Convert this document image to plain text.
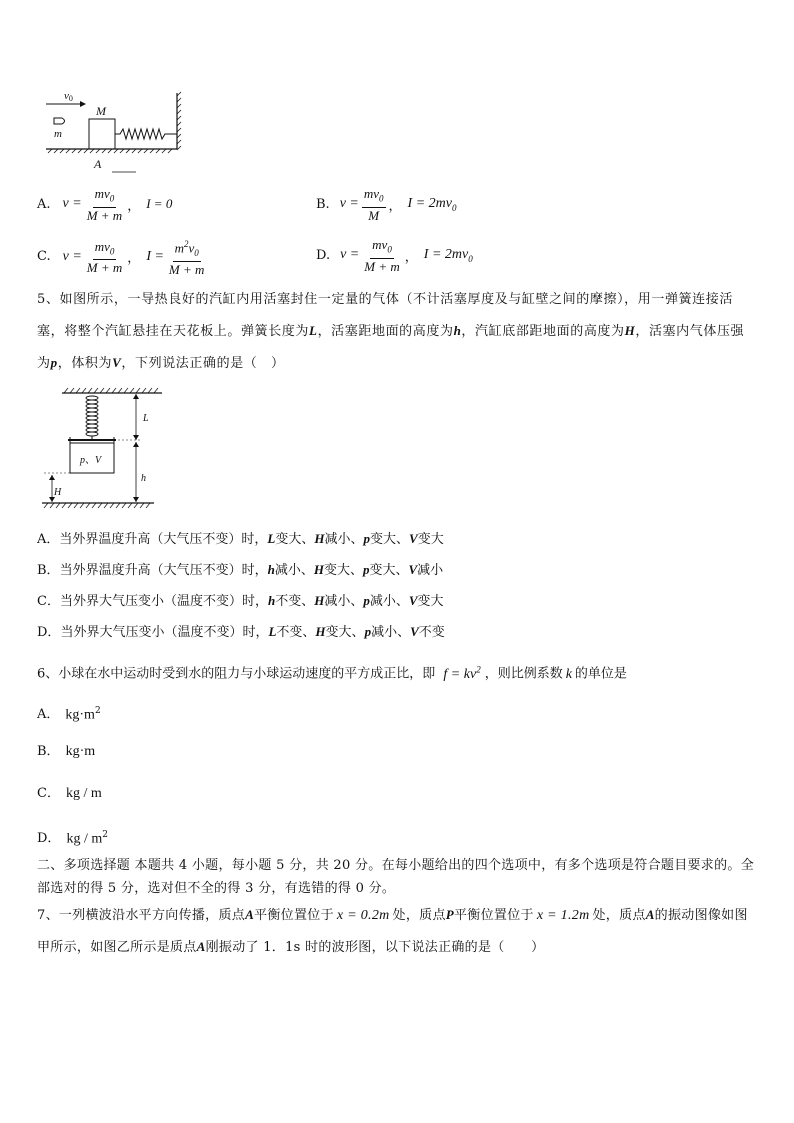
v0
m
M
A
A. $v = \frac{mv_0}{M + m}$ ， I = 0	B. $v = \frac{mv_0}{M}$ ， $I = 2mv_0$
C. $v = \frac{mv_0}{M + m}$ ， $I = \frac{m^2v_0}{M + m}$	D. $v = \frac{mv_0}{M + m}$ ， $I = 2mv_0$
5、如图所示，一导热良好的汽缸内用活塞封住一定量的气体（不计活塞厚度及与缸壁之间的摩擦），用一弹簧连接活塞，将整个汽缸悬挂在天花板上。弹簧长度为L，活塞距地面的高度为h，汽缸底部距地面的高度为H，活塞内气体压强为p，体积为V，下列说法正确的是（　）
p、V
L
h
H
A．当外界温度升高（大气压不变）时，L变大、H减小、p变大、V变大
B．当外界温度升高（大气压不变）时，h减小、H变大、p变大、V减小
C．当外界大气压变小（温度不变）时，h不变、H减小、p减小、V变大
D．当外界大气压变小（温度不变）时，L不变、H变大、p减小、V不变
6、小球在水中运动时受到水的阻力与小球运动速度的平方成正比，即 $f = kv^2$ ，则比例系数 k 的单位是
A． $kg\cdot m^2$
B． kg·m
C． kg / m
D． kg / $m^2$
二、多项选择题 本题共 4 小题，每小题 5 分，共 20 分。在每小题给出的四个选项中，有多个选项是符合题目要求的。全部选对的得 5 分，选对但不全的得 3 分，有选错的得 0 分。
7、一列横波沿水平方向传播，质点A平衡位置位于 x = 0.2m 处，质点P平衡位置位于 x = 1.2m 处，质点A的振动图像如图甲所示，如图乙所示是质点A刚振动了 1．1s 时的波形图，以下说法正确的是（　　）
